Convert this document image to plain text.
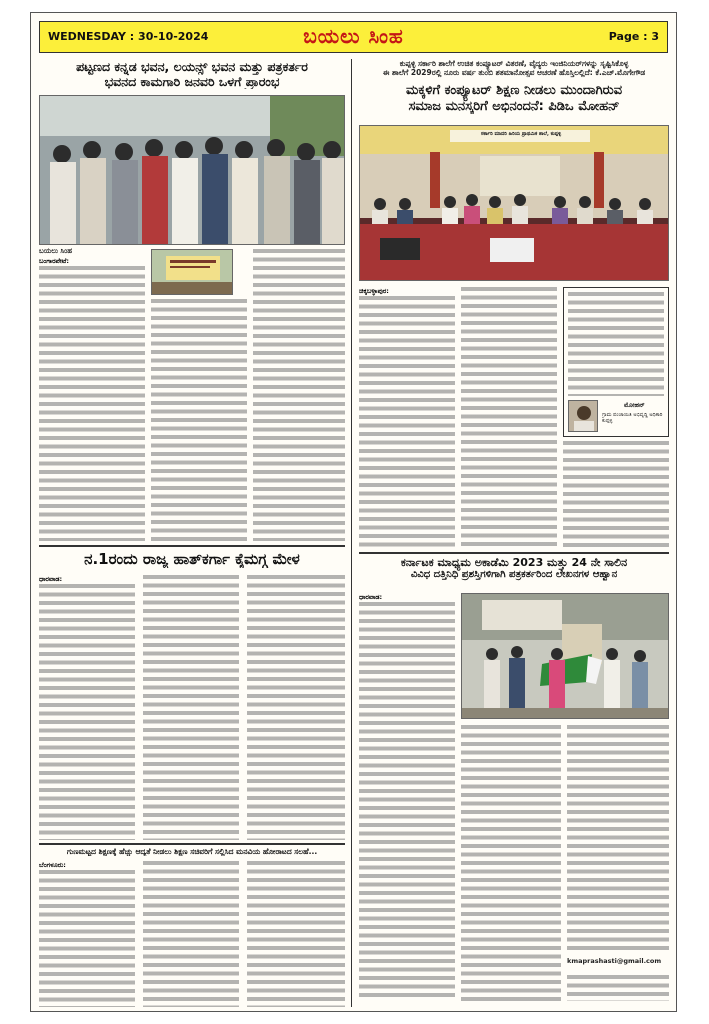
WEDNESDAY : 30-10-2024	ಬಯಲು ಸಿಂಹ	Page : 3
ಪಟ್ಟಣದ ಕನ್ನಡ ಭವನ, ಲಯನ್ಸ್ ಭವನ ಮತ್ತು ಪತ್ರಕರ್ತರ
ಭವನದ ಕಾಮಗಾರಿ ಜನವರಿ ಒಳಗೆ ಪ್ರಾರಂಭ
ಬಯಲು ಸಿಂಹ
ಬಂಗಾರಪೇಟೆ:
ನ.1ರಂದು ರಾಜ್ಯ ಹಾತ್‌ಕರ್ಗಾ ಕೈಮಗ್ಗ ಮೇಳ
ಧಾರವಾಡ:
ಗುಣಮಟ್ಟದ ಶಿಕ್ಷಣಕ್ಕೆ ಹೆಚ್ಚು ಆದ್ಯತೆ ನೀಡಲು ಶಿಕ್ಷಣ ಸಚಿವರಿಗೆ ಸಲ್ಲಿಸಿದ ಮನವಿಯ ಹೋರಾಟದ ಸಲಹೆ...
ಬೆಂಗಳೂರು:
ಕುಪ್ಪಳ್ಳಿ ಸರ್ಕಾರಿ ಶಾಲೆಗೆ ಉಚಿತ ಕಂಪ್ಯೂಟರ್ ವಿತರಣೆ, ವೈದ್ಯರು ಇಂಜಿನಿಯರ್‌ಗಳನ್ನು ಸೃಷ್ಟಿಸಿಕೊಳ್ಳ
ಈ ಶಾಲೆಗೆ 2029ರಲ್ಲಿ ನೂರು ವರ್ಷ ತುಂಬಿ ಶತಮಾನೋತ್ಸವ ಆಚರಣೆ ಹೊಸ್ತಿಲಲ್ಲಿದೆ: ಕೆ.ಎಚ್.ಮೊಗೇಗೌಡ
ಮಕ್ಕಳಿಗೆ ಕಂಪ್ಯೂಟರ್ ಶಿಕ್ಷಣ ನೀಡಲು ಮುಂದಾಗಿರುವ
ಸಮಾಜ ಮನಸ್ಕರಿಗೆ ಅಭಿನಂದನೆ: ಪಿಡಿಒ ಮೋಹನ್
ಸರ್ಕಾರಿ ಮಾದರಿ ಹಿರಿಯ ಪ್ರಾಥಮಿಕ ಶಾಲೆ, ಕುಪ್ಪಳ್ಳಿ
ಚಿಕ್ಕಬಳ್ಳಾಪುರ:
ಮೋಹನ್
ಗ್ರಾಮ ಪಂಚಾಯಿತಿ ಅಭಿವೃದ್ಧಿ ಅಧಿಕಾರಿ ಕುಪ್ಪಳ್ಳಿ
ಕರ್ನಾಟಕ ಮಾಧ್ಯಮ ಅಕಾಡೆಮಿ 2023 ಮತ್ತು 24 ನೇ ಸಾಲಿನ
ವಿವಿಧ ದತ್ತಿನಿಧಿ ಪ್ರಶಸ್ತಿಗಳಿಗಾಗಿ ಪತ್ರಕರ್ತರಿಂದ ಲೇಖನಗಳ ಆಹ್ವಾನ
ಧಾರವಾಡ:
kmaprashasti@gmail.com
